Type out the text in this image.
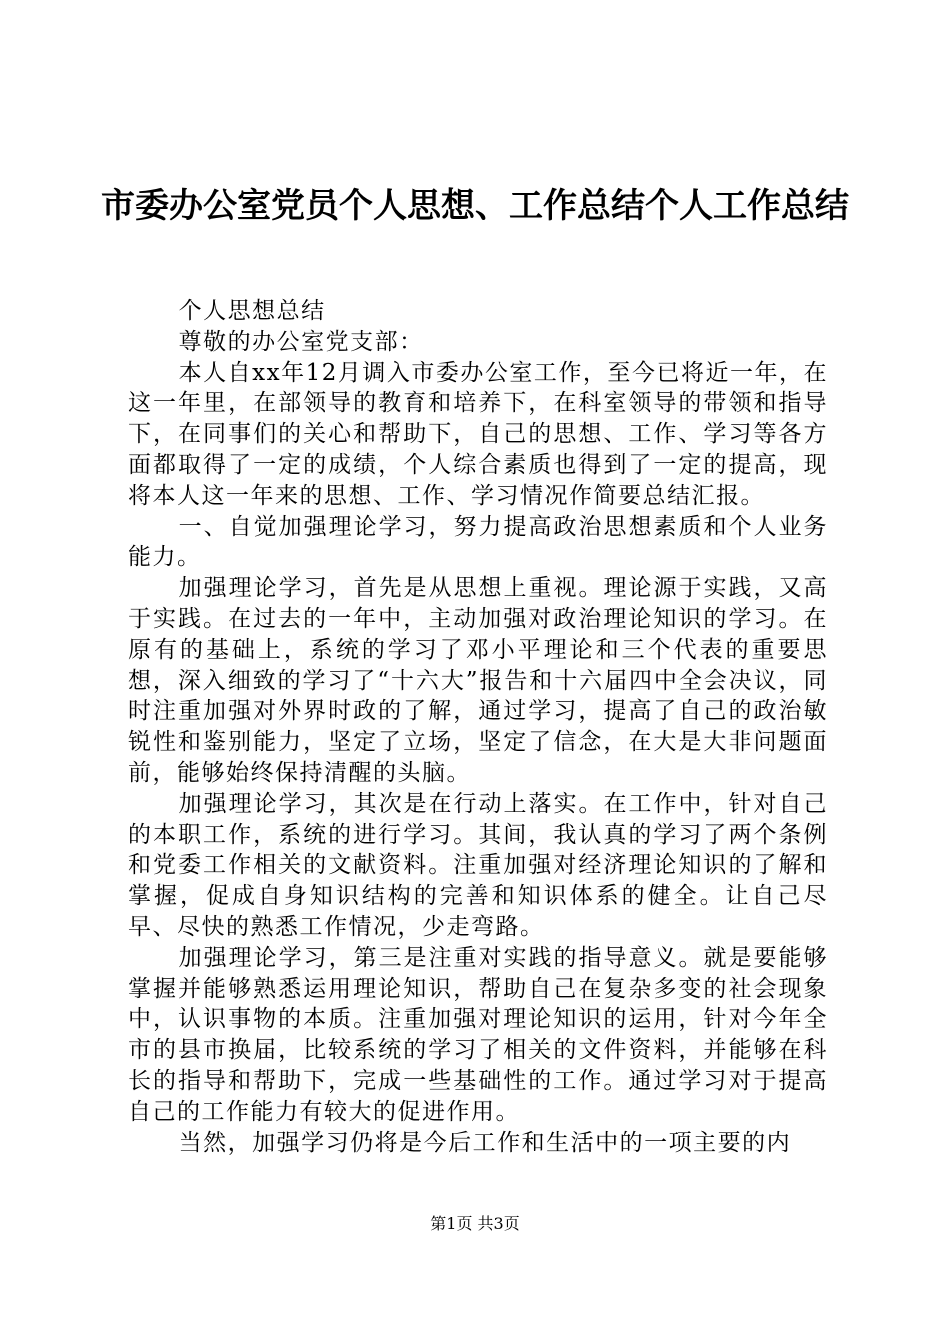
市委办公室党员个人思想、工作总结个人工作总结

个人思想总结

尊敬的办公室党支部：

本人自xx年12月调入市委办公室工作，至今已将近一年，在这一年里，在部领导的教育和培养下，在科室领导的带领和指导下，在同事们的关心和帮助下，自己的思想、工作、学习等各方面都取得了一定的成绩，个人综合素质也得到了一定的提高，现将本人这一年来的思想、工作、学习情况作简要总结汇报。

一、自觉加强理论学习，努力提高政治思想素质和个人业务能力。

加强理论学习，首先是从思想上重视。理论源于实践，又高于实践。在过去的一年中，主动加强对政治理论知识的学习。在原有的基础上，系统的学习了邓小平理论和三个代表的重要思想，深入细致的学习了“十六大”报告和十六届四中全会决议，同时注重加强对外界时政的了解，通过学习，提高了自己的政治敏锐性和鉴别能力，坚定了立场，坚定了信念，在大是大非问题面前，能够始终保持清醒的头脑。

加强理论学习，其次是在行动上落实。在工作中，针对自己的本职工作，系统的进行学习。其间，我认真的学习了两个条例和党委工作相关的文献资料。注重加强对经济理论知识的了解和掌握，促成自身知识结构的完善和知识体系的健全。让自己尽早、尽快的熟悉工作情况，少走弯路。

加强理论学习，第三是注重对实践的指导意义。就是要能够掌握并能够熟悉运用理论知识，帮助自己在复杂多变的社会现象中，认识事物的本质。注重加强对理论知识的运用，针对今年全市的县市换届，比较系统的学习了相关的文件资料，并能够在科长的指导和帮助下，完成一些基础性的工作。通过学习对于提高自己的工作能力有较大的促进作用。

当然，加强学习仍将是今后工作和生活中的一项主要的内

第1页 共3页
